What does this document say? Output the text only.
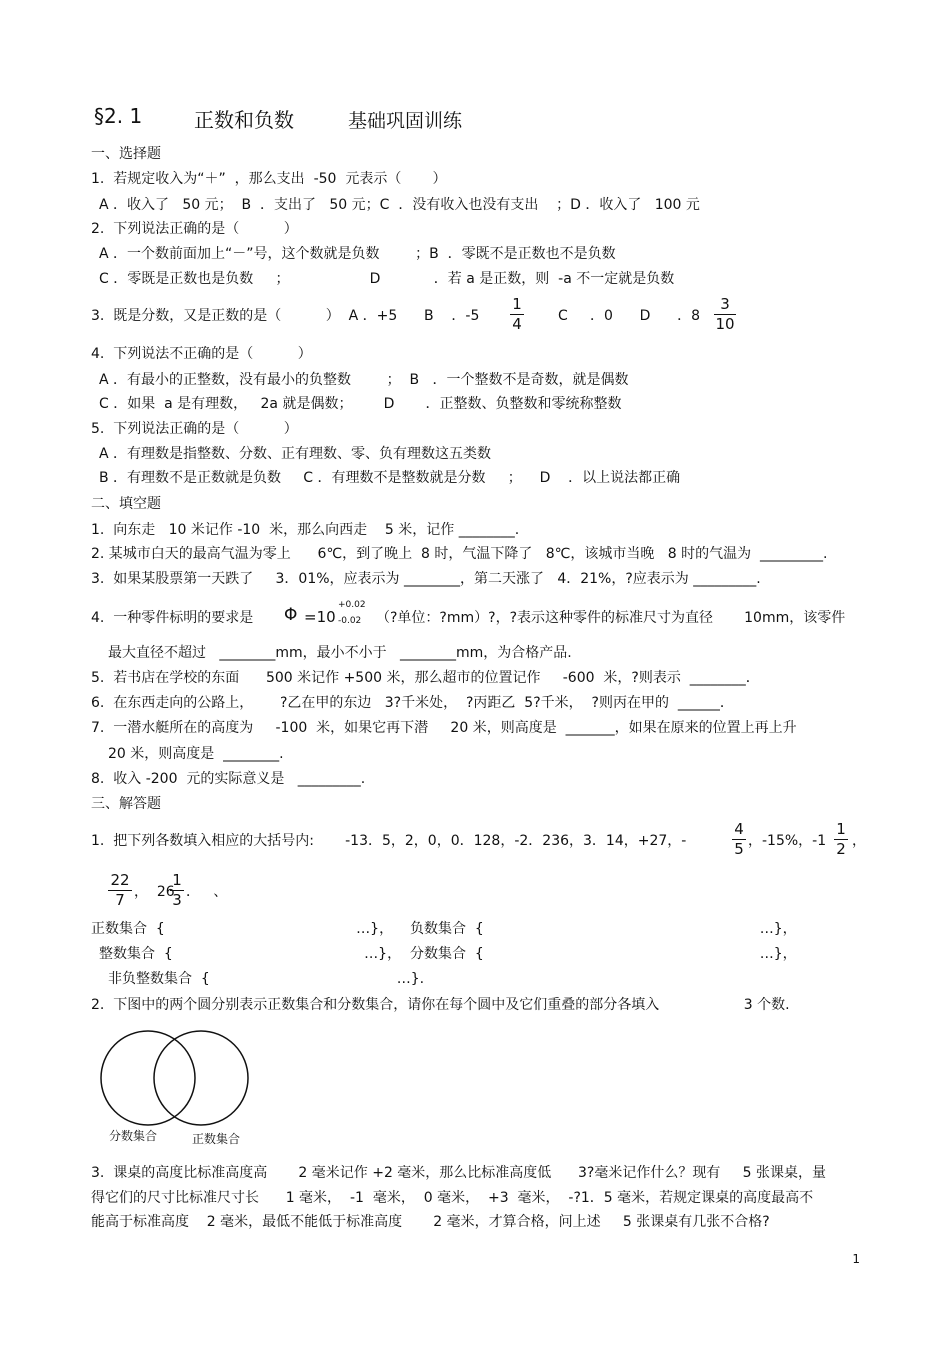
§2. 1	正数和负数	基础巩固训练
一、选择题
1.  若规定收入为“＋”  ，那么支出  -50  元表示（       ）
A ．收入了   50 元；  B  ．支出了   50 元；C  ．没有收入也没有支出    ；D ．收入了   100 元
2.  下列说法正确的是（          ）
A ．一个数前面加上“－”号，这个数就是负数        ；B  ．零既不是正数也不是负数
C ．零既是正数也是负数     ；                  D            ．若 a 是正数，则  -a 不一定就是负数
3.  既是分数，又是正数的是（          ）  A ．+5      B    ．-5
1
4	C     ．0      D      ．8
3
10
4.  下列说法不正确的是（          ）
A ．有最小的正整数，没有最小的负整数        ；  B   ．一个整数不是奇数，就是偶数
C ．如果  a 是有理数，   2a 就是偶数；       D       ．正整数、负整数和零统称整数
5.  下列说法正确的是（          ）
A ．有理数是指整数、分数、正有理数、零、负有理数这五类数
B ．有理数不是正数就是负数     C ．有理数不是整数就是分数     ；    D    ．以上说法都正确
二、填空题
1.  向东走   10 米记作 -10  米，那么向西走    5 米，记作 ________.
2. 某城市白天的最高气温为零上      6℃，到了晚上  8 时，气温下降了   8℃，该城市当晚   8 时的气温为  _________.
3.  如果某股票第一天跌了     3．01%，应表示为 ________，第二天涨了   4．21%，?应表示为 _________.
4.  一种零件标明的要求是 Φ =10
+0.02
-0.02 （?单位：?mm）?，?表示这种零件的标准尺寸为直径       10mm，该零件
最大直径不超过   ________mm，最小不小于   ________mm，为合格产品.
5.  若书店在学校的东面      500 米记作 +500 米，那么超市的位置记作     -600  米，?则表示  ________．
6.  在东西走向的公路上，      ?乙在甲的东边   3?千米处，  ?丙距乙  5?千米，  ?则丙在甲的  ______．
7.  一潜水艇所在的高度为     -100  米，如果它再下潜     20 米，则高度是  _______，如果在原来的位置上再上升
20 米，则高度是  ________.
8.  收入 -200  元的实际意义是   _________.
三、解答题
1.  把下列各数填入相应的大括号内:       -13．5，2，0，0．128，-2．236，3．14，+27，-
4
5 ，-15%，-1
1
2 ，
22
7 ，  26
1
3 ．   、
正数集合  {                                           …}， 负数集合  {                                                              …}，
整数集合  {                                           …}， 分数集合  {                                                              …}，
非负整数集合  {                                          …}.
2.  下图中的两个圆分别表示正数集合和分数集合，请你在每个圆中及它们重叠的部分各填入                   3 个数.
分数集合	正数集合
3.  课桌的高度比标准高度高       2 毫米记作 +2 毫米，那么比标准高度低      3?毫米记作什么？现有     5 张课桌，量
得它们的尺寸比标准尺寸长      1 毫米，  -1  毫米，  0 毫米，  +3  毫米，  -?1．5 毫米，若规定课桌的高度最高不
能高于标准高度    2 毫米，最低不能低于标准高度       2 毫米，才算合格，问上述     5 张课桌有几张不合格?
1
